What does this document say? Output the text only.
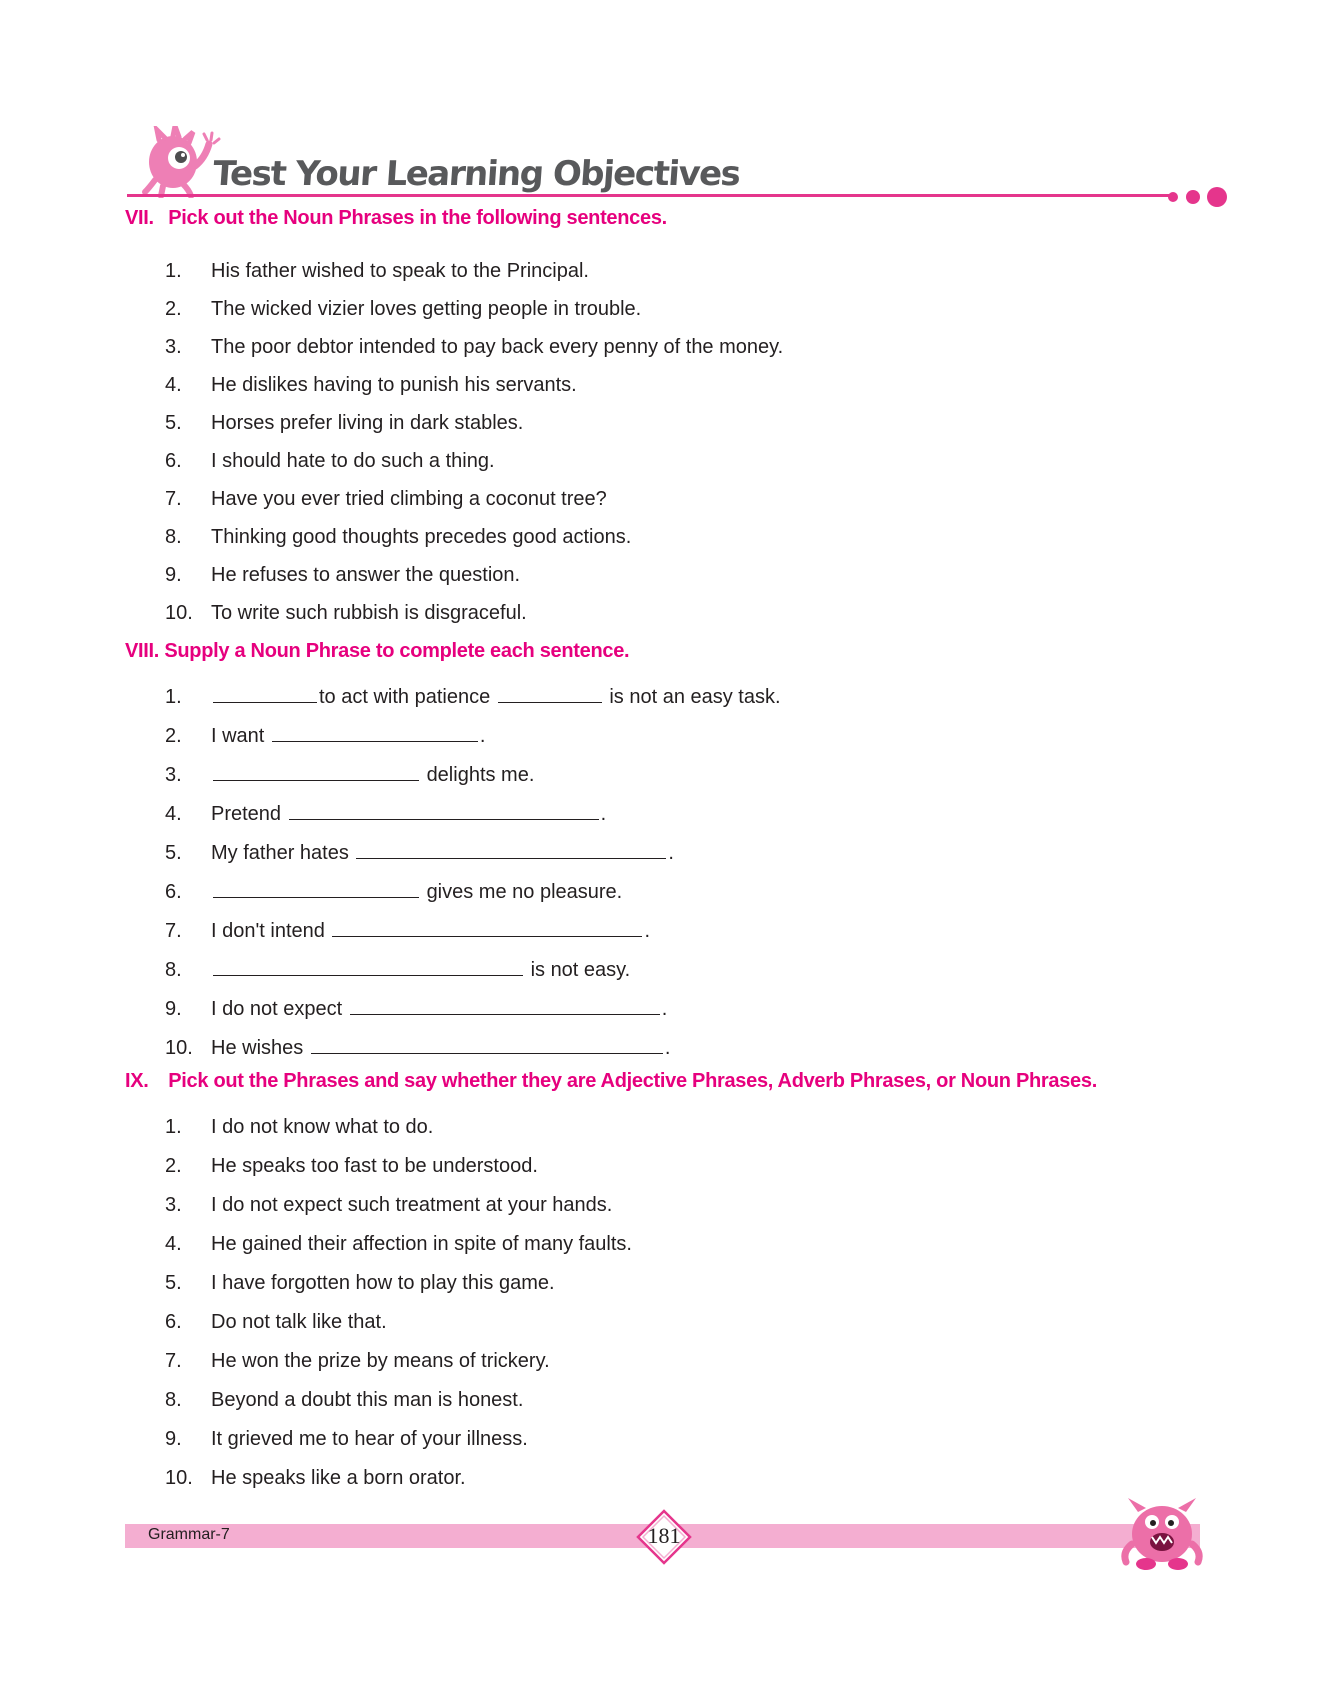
Test Your Learning Objectives
VII. Pick out the Noun Phrases in the following sentences.
1.	His father wished to speak to the Principal.
2.	The wicked vizier loves getting people in trouble.
3.	The poor debtor intended to pay back every penny of the money.
4.	He dislikes having to punish his servants.
5.	Horses prefer living in dark stables.
6.	I should hate to do such a thing.
7.	Have you ever tried climbing a coconut tree?
8.	Thinking good thoughts precedes good actions.
9.	He refuses to answer the question.
10. To write such rubbish is disgraceful.
VIII. Supply a Noun Phrase to complete each sentence.
1.	to act with patience	is not an easy task.
2.	I want	.
3.	delights me.
4.	Pretend	.
5.	My father hates	.
6.	gives me no pleasure.
7.	I don't intend	.
8.	is not easy.
9.	I do not expect	.
10. He wishes	.
IX. Pick out the Phrases and say whether they are Adjective Phrases, Adverb Phrases, or Noun Phrases.
1.	I do not know what to do.
2.	He speaks too fast to be understood.
3.	I do not expect such treatment at your hands.
4.	He gained their affection in spite of many faults.
5.	I have forgotten how to play this game.
6.	Do not talk like that.
7.	He won the prize by means of trickery.
8.	Beyond a doubt this man is honest.
9.	It grieved me to hear of your illness.
10. He speaks like a born orator.
Grammar-7	181
